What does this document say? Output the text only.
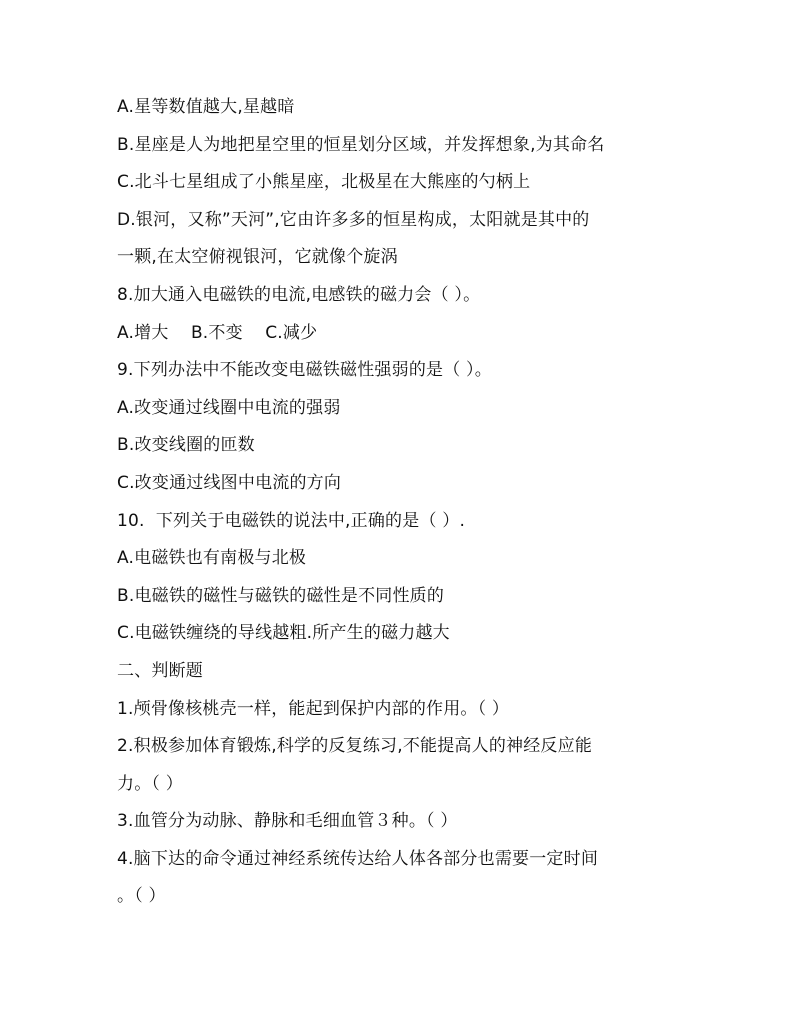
A.星等数值越大,星越暗
B.星座是人为地把星空里的恒星划分区域，并发挥想象,为其命名
C.北斗七星组成了小熊星座，北极星在大熊座的勺柄上
D.银河，又称”天河”,它由许多多的恒星构成，太阳就是其中的
一颗,在太空俯视银河，它就像个旋涡
8.加大通入电磁铁的电流,电感铁的磁力会（ ）。
A.增大    B.不变    C.减少
9.下列办法中不能改变电磁铁磁性强弱的是（ ）。
A.改变通过线圈中电流的强弱
B.改变线圈的匝数
C.改变通过线图中电流的方向
10.  下列关于电磁铁的说法中,正确的是（ ）.
A.电磁铁也有南极与北极
B.电磁铁的磁性与磁铁的磁性是不同性质的
C.电磁铁缠绕的导线越粗.所产生的磁力越大
二、判断题
1.颅骨像核桃壳一样，能起到保护内部的作用。（ ）
2.积极参加体育锻炼,科学的反复练习,不能提高人的神经反应能
力。（ ）
3.血管分为动脉、静脉和毛细血管３种。（ ）
4.脑下达的命令通过神经系统传达给人体各部分也需要一定时间
。（ ）
